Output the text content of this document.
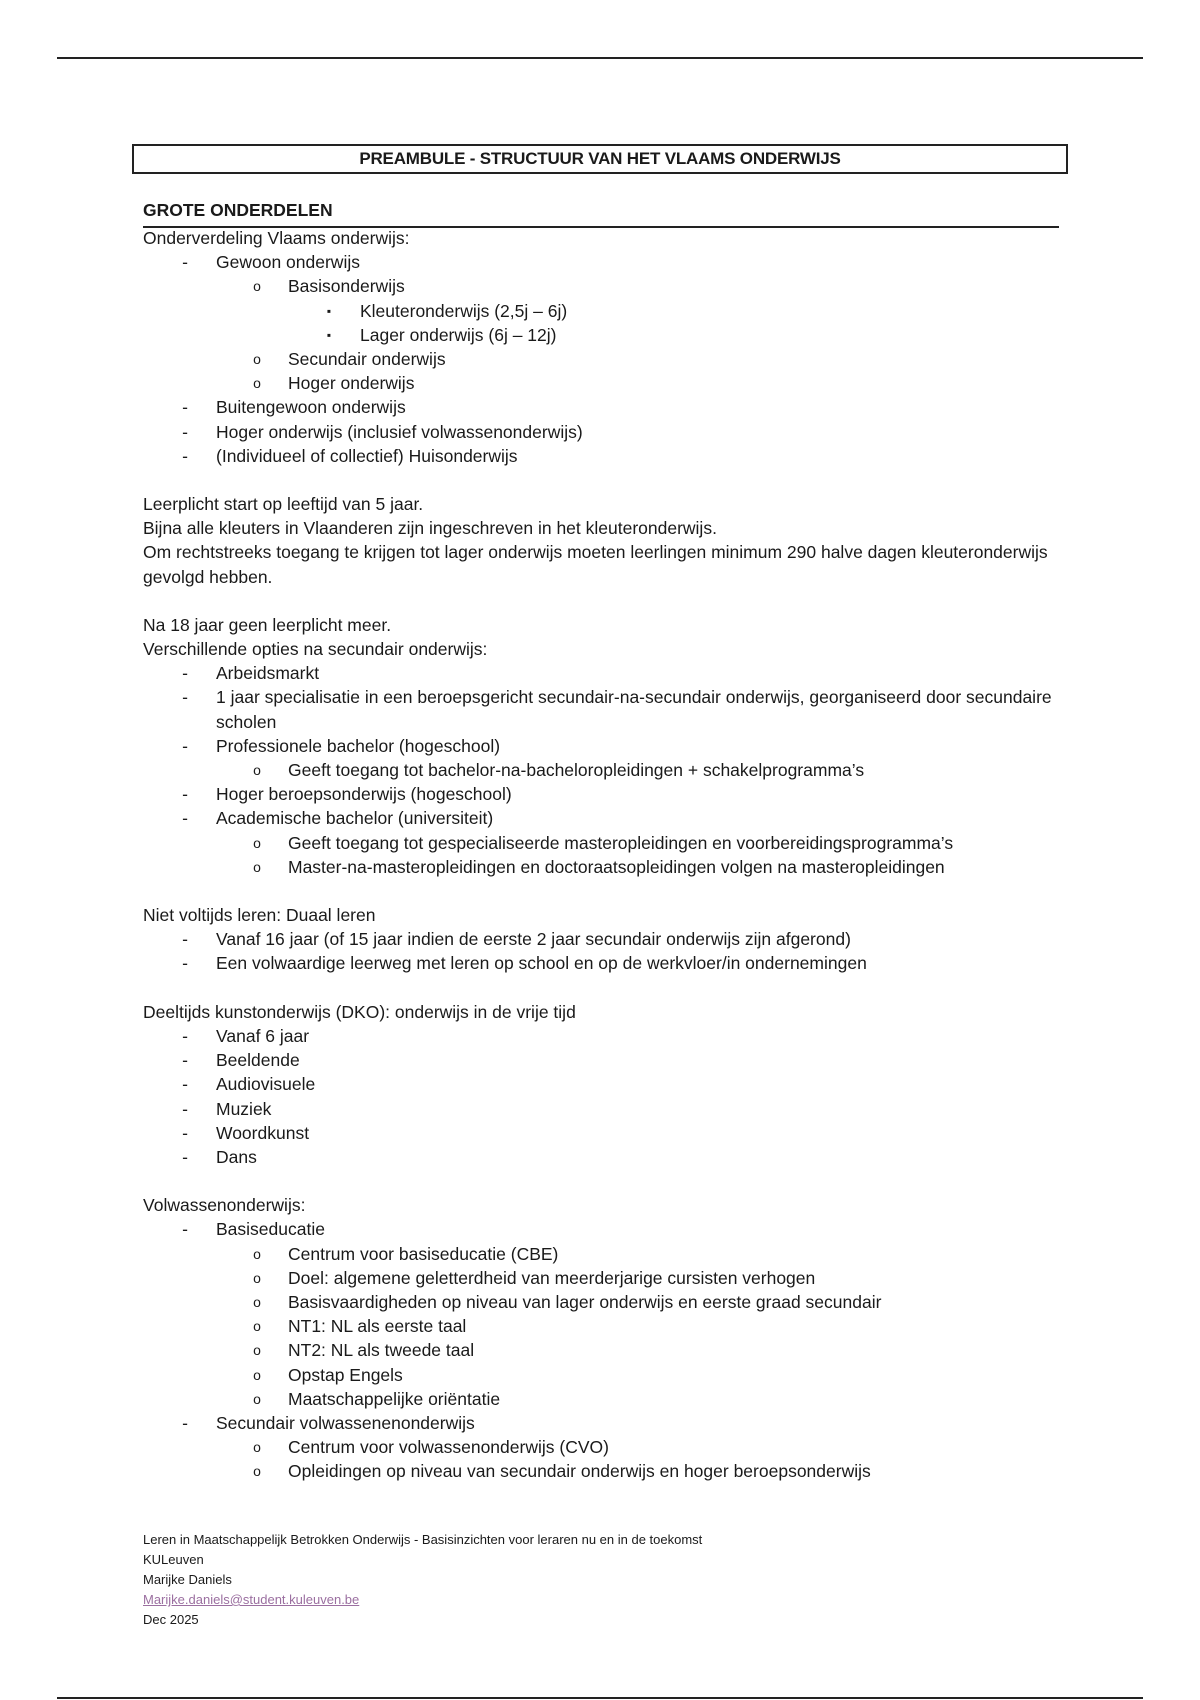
PREAMBULE - STRUCTUUR VAN HET VLAAMS ONDERWIJS
GROTE ONDERDELEN
Onderverdeling Vlaams onderwijs:
-	Gewoon onderwijs
o	Basisonderwijs
▪	Kleuteronderwijs (2,5j – 6j)
▪	Lager onderwijs (6j – 12j)
o	Secundair onderwijs
o	Hoger onderwijs
-	Buitengewoon onderwijs
-	Hoger onderwijs (inclusief volwassenonderwijs)
-	(Individueel of collectief) Huisonderwijs
Leerplicht start op leeftijd van 5 jaar.
Bijna alle kleuters in Vlaanderen zijn ingeschreven in het kleuteronderwijs.
Om rechtstreeks toegang te krijgen tot lager onderwijs moeten leerlingen minimum 290 halve dagen kleuteronderwijs gevolgd hebben.
Na 18 jaar geen leerplicht meer.
Verschillende opties na secundair onderwijs:
-	Arbeidsmarkt
-	1 jaar specialisatie in een beroepsgericht secundair-na-secundair onderwijs, georganiseerd door secundaire scholen
-	Professionele bachelor (hogeschool)
o	Geeft toegang tot bachelor-na-bacheloropleidingen + schakelprogramma’s
-	Hoger beroepsonderwijs (hogeschool)
-	Academische bachelor (universiteit)
o	Geeft toegang tot gespecialiseerde masteropleidingen en voorbereidingsprogramma’s
o	Master-na-masteropleidingen en doctoraatsopleidingen volgen na masteropleidingen
Niet voltijds leren: Duaal leren
-	Vanaf 16 jaar (of 15 jaar indien de eerste 2 jaar secundair onderwijs zijn afgerond)
-	Een volwaardige leerweg met leren op school en op de werkvloer/in ondernemingen
Deeltijds kunstonderwijs (DKO): onderwijs in de vrije tijd
-	Vanaf 6 jaar
-	Beeldende
-	Audiovisuele
-	Muziek
-	Woordkunst
-	Dans
Volwassenonderwijs:
-	Basiseducatie
o	Centrum voor basiseducatie (CBE)
o	Doel: algemene geletterdheid van meerderjarige cursisten verhogen
o	Basisvaardigheden op niveau van lager onderwijs en eerste graad secundair
o	NT1: NL als eerste taal
o	NT2: NL als tweede taal
o	Opstap Engels
o	Maatschappelijke oriëntatie
-	Secundair volwassenenonderwijs
o	Centrum voor volwassenonderwijs (CVO)
o	Opleidingen op niveau van secundair onderwijs en hoger beroepsonderwijs
Leren in Maatschappelijk Betrokken Onderwijs - Basisinzichten voor leraren nu en in de toekomst
KULeuven
Marijke Daniels
Marijke.daniels@student.kuleuven.be
Dec 2025
